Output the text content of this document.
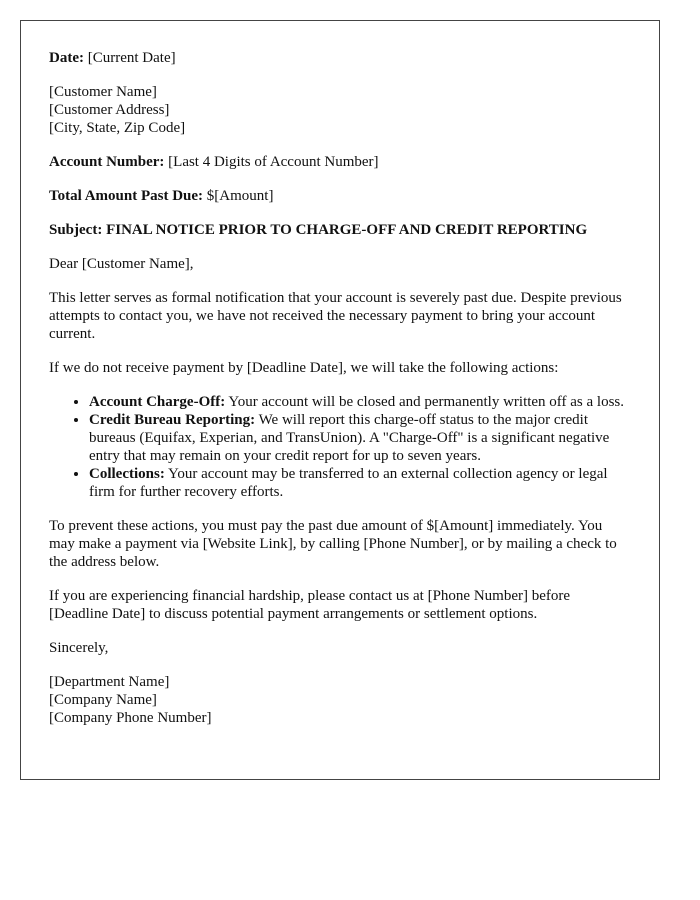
Date: [Current Date]

[Customer Name]
[Customer Address]
[City, State, Zip Code]

Account Number: [Last 4 Digits of Account Number]

Total Amount Past Due: $[Amount]

Subject: FINAL NOTICE PRIOR TO CHARGE-OFF AND CREDIT REPORTING

Dear [Customer Name],

This letter serves as formal notification that your account is severely past due. Despite previous attempts to contact you, we have not received the necessary payment to bring your account current.

If we do not receive payment by [Deadline Date], we will take the following actions:

• Account Charge-Off: Your account will be closed and permanently written off as a loss.
• Credit Bureau Reporting: We will report this charge-off status to the major credit bureaus (Equifax, Experian, and TransUnion). A "Charge-Off" is a significant negative entry that may remain on your credit report for up to seven years.
• Collections: Your account may be transferred to an external collection agency or legal firm for further recovery efforts.

To prevent these actions, you must pay the past due amount of $[Amount] immediately. You may make a payment via [Website Link], by calling [Phone Number], or by mailing a check to the address below.

If you are experiencing financial hardship, please contact us at [Phone Number] before [Deadline Date] to discuss potential payment arrangements or settlement options.

Sincerely,

[Department Name]
[Company Name]
[Company Phone Number]
